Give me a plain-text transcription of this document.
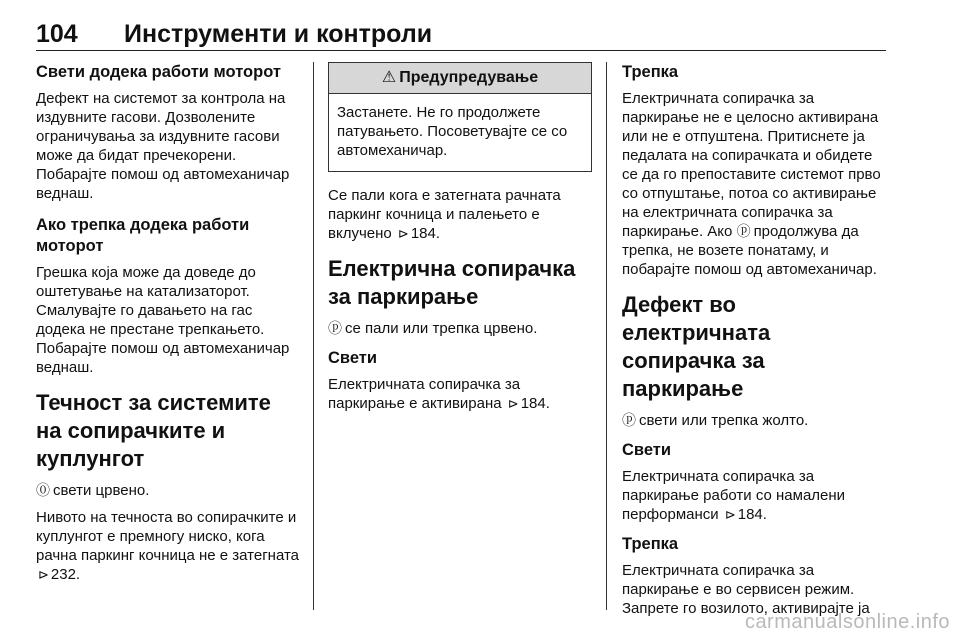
104 Инструменти и контроли
Свети додека работи моторот

Дефект на системот за контрола на издувните гасови. Дозволените ограничувања за издувните гасови може да бидат пречекорени. Побарајте помош од автомеханичар веднаш.

Ако трепка додека работи моторот

Грешка која може да доведе до оштетување на катализаторот. Смалувајте го давањето на гас додека не престане трепкањето. Побарајте помош од автомеханичар веднаш.

Течност за системите на сопирачките и куплунгот

⓪ свети црвено.

Нивото на течноста во сопирачките и куплунгот е премногу ниско, кога рачна паркинг кочница не е затегната ⊳ 232.

⚠ Предупредување

Застанете. Не го продолжете патувањето. Посоветувајте се со автомеханичар.

Се пали кога е затегната рачната паркинг кочница и палењето е вклучено ⊳ 184.

Електрична сопирачка за паркирање

ⓟ се пали или трепка црвено.

Свети

Електричната сопирачка за паркирање е активирана ⊳ 184.

Трепка

Електричната сопирачка за паркирање не е целосно активирана или не е отпуштена. Притиснете ја педалата на сопирачката и обидете се да го препоставите системот прво со отпуштање, потоа со активирање на електричната сопирачка за паркирање. Ако ⓟ продолжува да трепка, не возете понатаму, и побарајте помош од автомеханичар.

Дефект во електричната сопирачка за паркирање

ⓟ свети или трепка жолто.

Свети

Електричната сопирачка за паркирање работи со намалени перформанси ⊳ 184.

Трепка

Електричната сопирачка за паркирање е во сервисен режим. Запрете го возилото, активирајте ја

carmanualsonline.info
